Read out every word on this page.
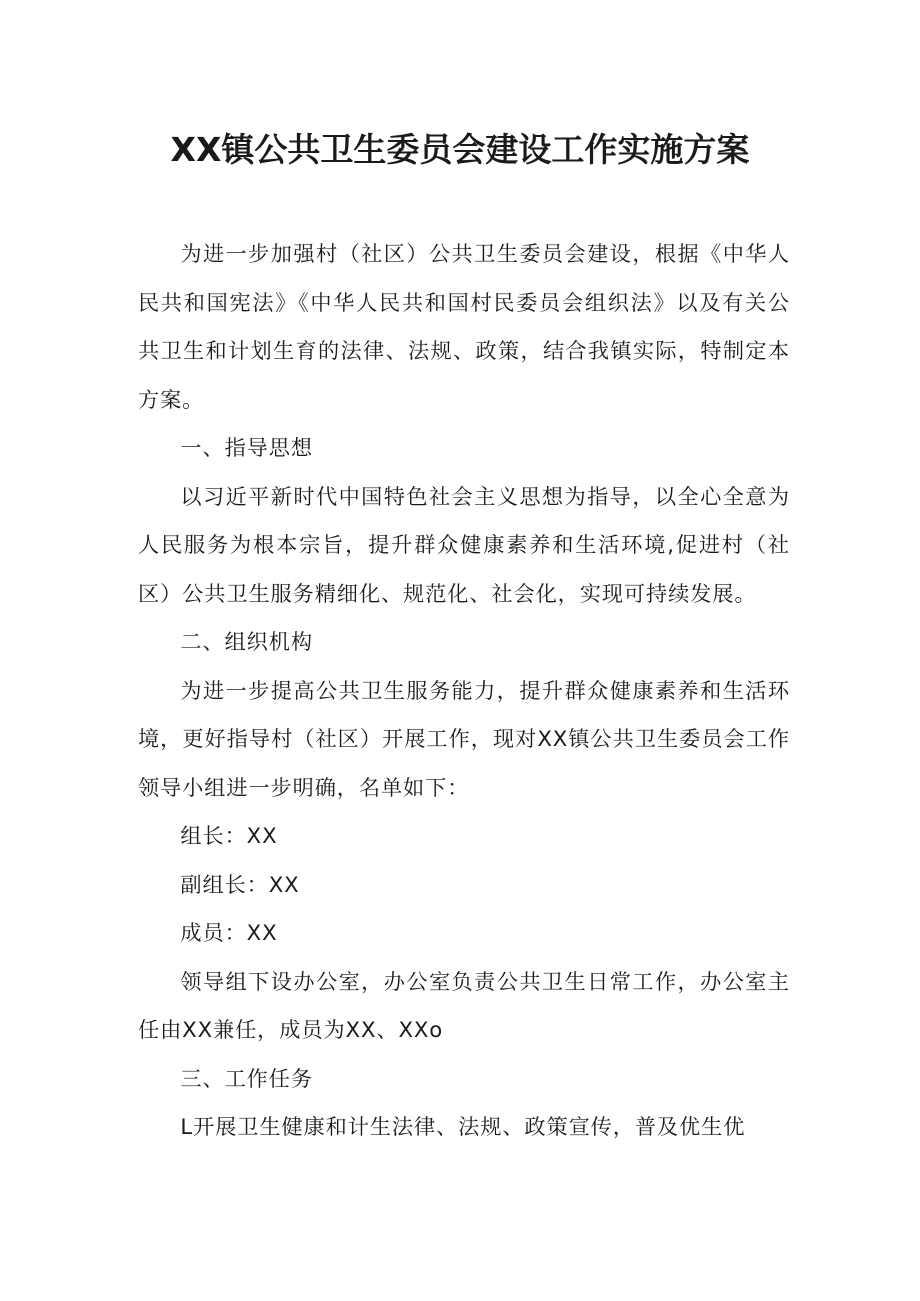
XX镇公共卫生委员会建设工作实施方案

为进一步加强村（社区）公共卫生委员会建设，根据《中华人民共和国宪法》《中华人民共和国村民委员会组织法》以及有关公共卫生和计划生育的法律、法规、政策，结合我镇实际，特制定本方案。

一、指导思想

以习近平新时代中国特色社会主义思想为指导，以全心全意为人民服务为根本宗旨，提升群众健康素养和生活环境,促进村（社区）公共卫生服务精细化、规范化、社会化，实现可持续发展。

二、组织机构

为进一步提高公共卫生服务能力，提升群众健康素养和生活环境，更好指导村（社区）开展工作，现对XX镇公共卫生委员会工作领导小组进一步明确，名单如下：

组长：XX

副组长：XX

成员：XX

领导组下设办公室，办公室负责公共卫生日常工作，办公室主任由XX兼任，成员为XX、XXo

三、工作任务

L开展卫生健康和计生法律、法规、政策宣传，普及优生优
